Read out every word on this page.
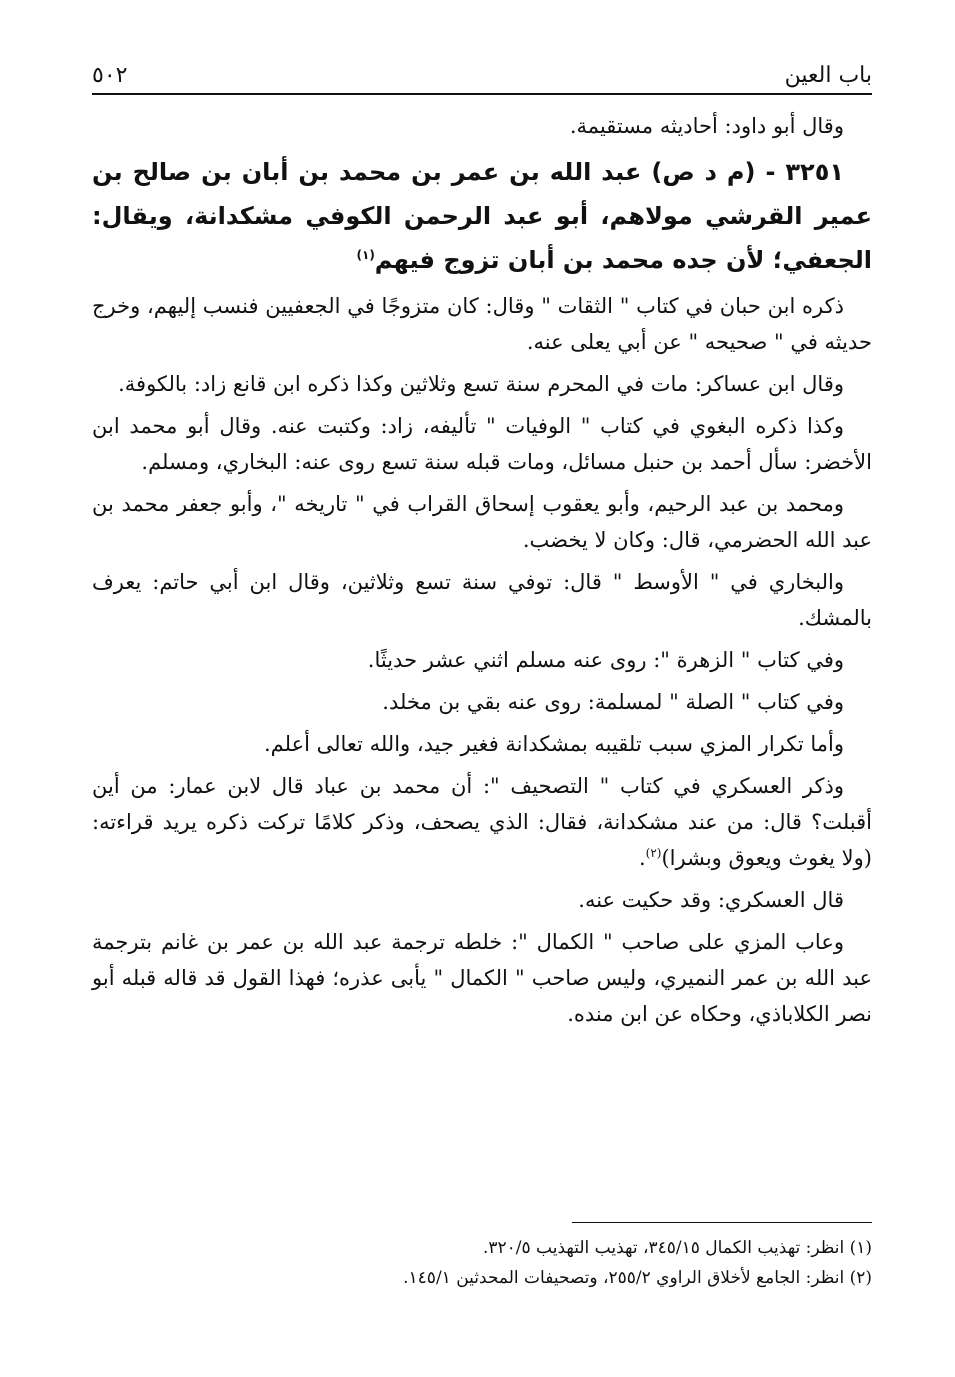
٥٠٢	باب العين

وقال أبو داود: أحاديثه مستقيمة.

٣٢٥١ - (م د ص) عبد الله بن عمر بن محمد بن أبان بن صالح بن عمير القرشي مولاهم، أبو عبد الرحمن الكوفي مشكدانة، ويقال: الجعفي؛ لأن جده محمد بن أبان تزوج فيهم$^{(١)}$

ذكره ابن حبان في كتاب " الثقات " وقال: كان متزوجًا في الجعفيين فنسب إليهم، وخرج حديثه في " صحيحه " عن أبي يعلى عنه.

وقال ابن عساكر: مات في المحرم سنة تسع وثلاثين وكذا ذكره ابن قانع زاد: بالكوفة.

وكذا ذكره البغوي في كتاب " الوفيات " تأليفه، زاد: وكتبت عنه. وقال أبو محمد ابن الأخضر: سأل أحمد بن حنبل مسائل، ومات قبله سنة تسع روى عنه: البخاري، ومسلم.

ومحمد بن عبد الرحيم، وأبو يعقوب إسحاق القراب في " تاريخه "، وأبو جعفر محمد بن عبد الله الحضرمي، قال: وكان لا يخضب.

والبخاري في " الأوسط " قال: توفي سنة تسع وثلاثين، وقال ابن أبي حاتم: يعرف بالمشك.

وفي كتاب " الزهرة ": روى عنه مسلم اثني عشر حديثًا.

وفي كتاب " الصلة " لمسلمة: روى عنه بقي بن مخلد.

وأما تكرار المزي سبب تلقيبه بمشكدانة فغير جيد، والله تعالى أعلم.

وذكر العسكري في كتاب " التصحيف ": أن محمد بن عباد قال لابن عمار: من أين أقبلت؟ قال: من عند مشكدانة، فقال: الذي يصحف، وذكر كلامًا تركت ذكره يريد قراءته: (ولا يغوث ويعوق وبشرا)$^{(٢)}$.

قال العسكري: وقد حكيت عنه.

وعاب المزي على صاحب " الكمال ": خلطه ترجمة عبد الله بن عمر بن غانم بترجمة عبد الله بن عمر النميري، وليس صاحب " الكمال " يأبى عذره؛ فهذا القول قد قاله قبله أبو نصر الكلاباذي، وحكاه عن ابن منده.

(١) انظر: تهذيب الكمال ٣٤٥/١٥، تهذيب التهذيب ٣٢٠/٥.

(٢) انظر: الجامع لأخلاق الراوي ٢٥٥/٢، وتصحيفات المحدثين ١٤٥/١.
